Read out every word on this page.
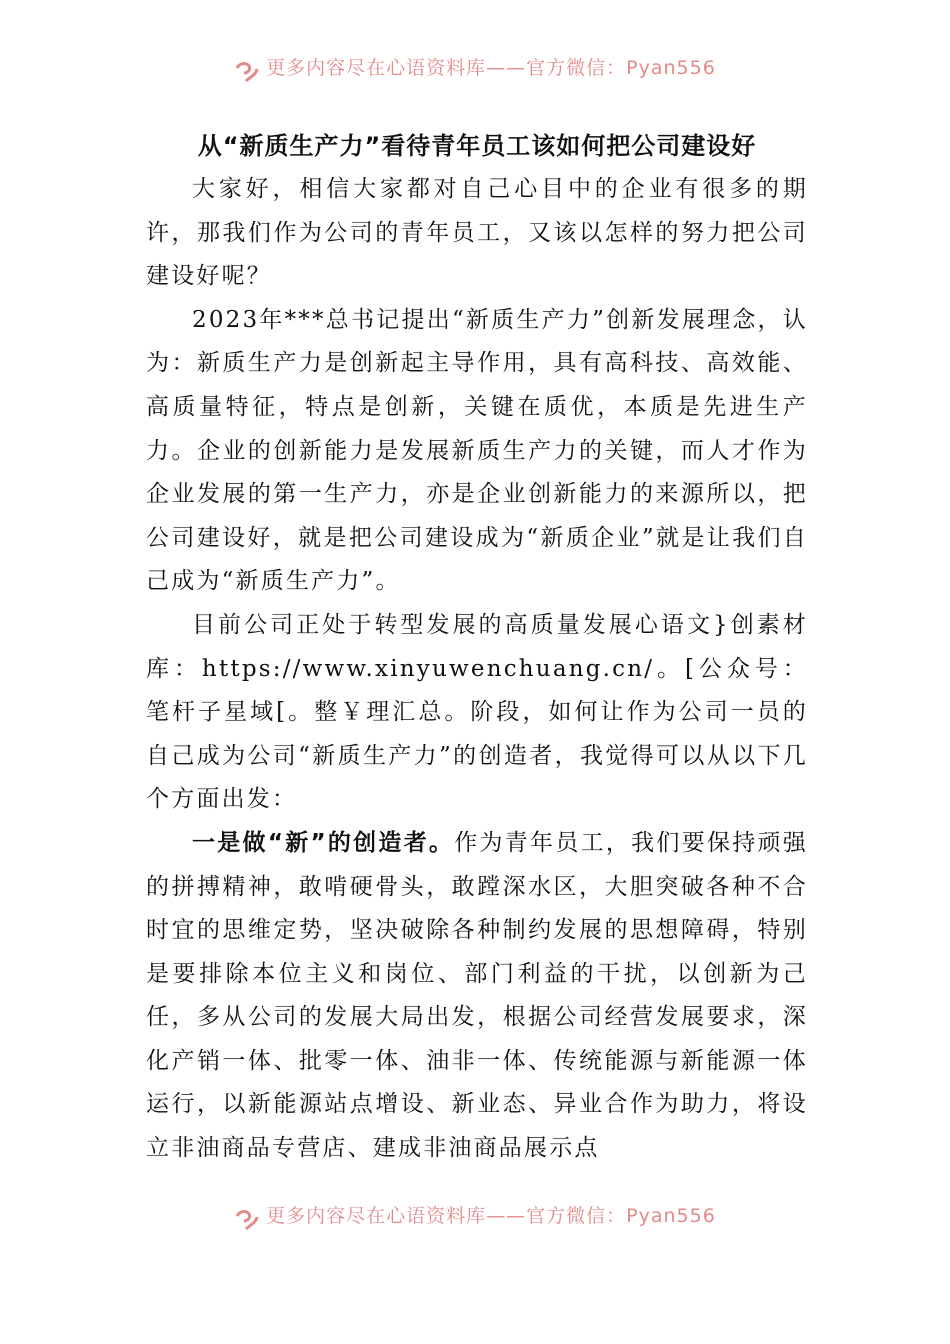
更多内容尽在心语资料库——官方微信：Pyan556
从“新质生产力”看待青年员工该如何把公司建设好

大家好，相信大家都对自己心目中的企业有很多的期许，那我们作为公司的青年员工，又该以怎样的努力把公司建设好呢？

2023年***总书记提出“新质生产力”创新发展理念，认为：新质生产力是创新起主导作用，具有高科技、高效能、高质量特征，特点是创新，关键在质优，本质是先进生产力。企业的创新能力是发展新质生产力的关键，而人才作为企业发展的第一生产力，亦是企业创新能力的来源所以，把公司建设好，就是把公司建设成为“新质企业”就是让我们自己成为“新质生产力”。

目前公司正处于转型发展的高质量发展心语文}创素材库：https://www.xinyuwenchuang.cn/。[公众号：笔杆子星域[。整￥理汇总。阶段，如何让作为公司一员的自己成为公司“新质生产力”的创造者，我觉得可以从以下几个方面出发：

一是做“新”的创造者。作为青年员工，我们要保持顽强的拼搏精神，敢啃硬骨头，敢蹚深水区，大胆突破各种不合时宜的思维定势，坚决破除各种制约发展的思想障碍，特别是要排除本位主义和岗位、部门利益的干扰，以创新为己任，多从公司的发展大局出发，根据公司经营发展要求，深化产销一体、批零一体、油非一体、传统能源与新能源一体运行，以新能源站点增设、新业态、异业合作为助力，将设立非油商品专营店、建成非油商品展示点

更多内容尽在心语资料库——官方微信：Pyan556
